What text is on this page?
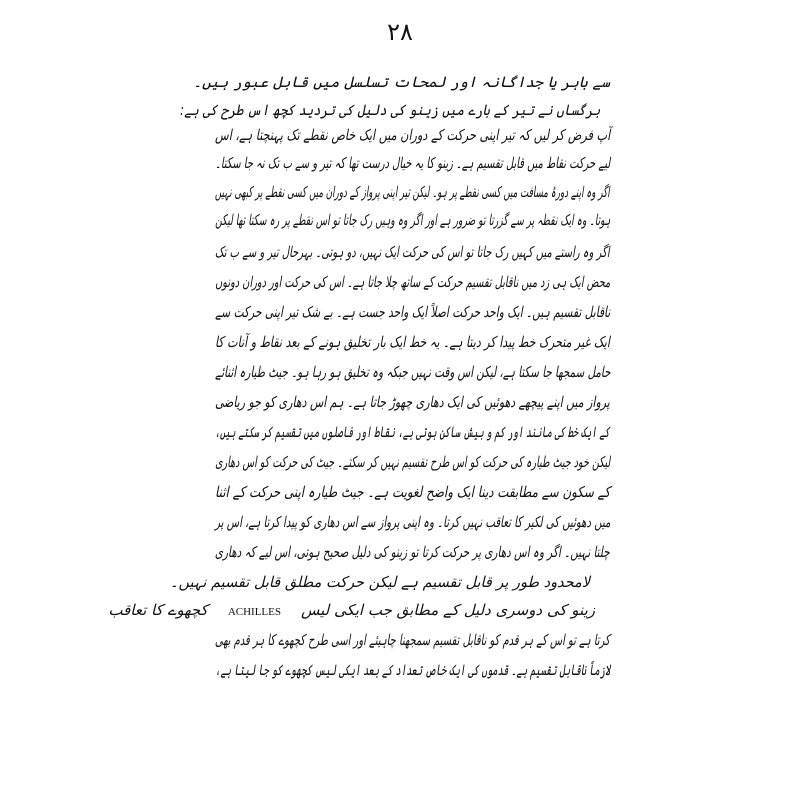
۲۸
سے باہر یا جداگانہ اور لمحات تسلسل میں قابل عبور ہیں۔
برگساں نے تیر کے بارے میں زینو کی دلیل کی تردید کچھ اس طرح کی ہے:
آپ فرض کر لیں کہ تیر اپنی حرکت کے دوران میں ایک خاص نقطے تک پہنچتا ہے، اس
لیے حرکت نقاط میں قابل تقسیم ہے۔ زینو کا یہ خیال درست تھا کہ تیر و سے ب تک نہ جا سکتا۔
اگر وہ اپنے دورۂ مسافت میں کسی نقطے پر ہو۔ لیکن تیر اپنی پرواز کے دوران میں کسی نقطے پر کبھی نہیں
ہوتا۔ وہ ایک نقطہ پر سے گزرتا تو ضرور ہے اور اگر وہ وہیں رک جاتا تو اس نقطے پر رہ سکتا تھا لیکن
اگر وہ راستے میں کہیں رک جاتا تو اس کی حرکت ایک نہیں، دو ہوتی۔ بہرحال تیر و سے ب تک
محض ایک ہی زد میں ناقابل تقسیم حرکت کے ساتھ چلا جاتا ہے۔ اس کی حرکت اور دوران دونوں
ناقابل تقسیم ہیں۔ ایک واحد حرکت اصلاً ایک واحد جست ہے۔ بے شک تیر اپنی حرکت سے
ایک غیر متحرک خط پیدا کر دیتا ہے۔ یہ خط ایک بار تخلیق ہونے کے بعد نقاط و آنات کا
حامل سمجھا جا سکتا ہے، لیکن اس وقت نہیں جبکہ وہ تخلیق ہو رہا ہو۔ جیٹ طیارہ اثنائے
پرواز میں اپنے پیچھے دھوئیں کی ایک دھاری چھوڑ جاتا ہے۔ ہم اس دھاری کو جو ریاضی
کے ایک خط کی مانند اور کم و بیش ساکن ہوتی ہے، نقاط اور فاصلوں میں تقسیم کر سکتے ہیں،
لیکن خود جیٹ طیارہ کی حرکت کو اس طرح تقسیم نہیں کر سکتے۔ جیٹ کی حرکت کو اس دھاری
کے سکون سے مطابقت دینا ایک واضح لغویت ہے۔ جیٹ طیارہ اپنی حرکت کے اثنا
میں دھوئیں کی لکیر کا تعاقب نہیں کرتا۔ وہ اپنی پرواز سے اس دھاری کو پیدا کرتا ہے، اس پر
چلتا نہیں۔ اگر وہ اس دھاری پر حرکت کرتا تو زینو کی دلیل صحیح ہوتی، اس لیے کہ دھاری
لامحدود طور پر قابل تقسیم ہے لیکن حرکت مطلق قابل تقسیم نہیں۔
زینو کی دوسری دلیل کے مطابق جب ایکی لیسACHILLESکچھوے کا تعاقب
کرتا ہے تو اس کے ہر قدم کو ناقابل تقسیم سمجھنا چاہیئے اور اسی طرح کچھوے کا ہر قدم بھی
لازماً ناقابل تقسیم ہے۔ قدموں کی ایک خاص تعداد کے بعد ایکی لیس کچھوے کو جا لیتا ہے،
